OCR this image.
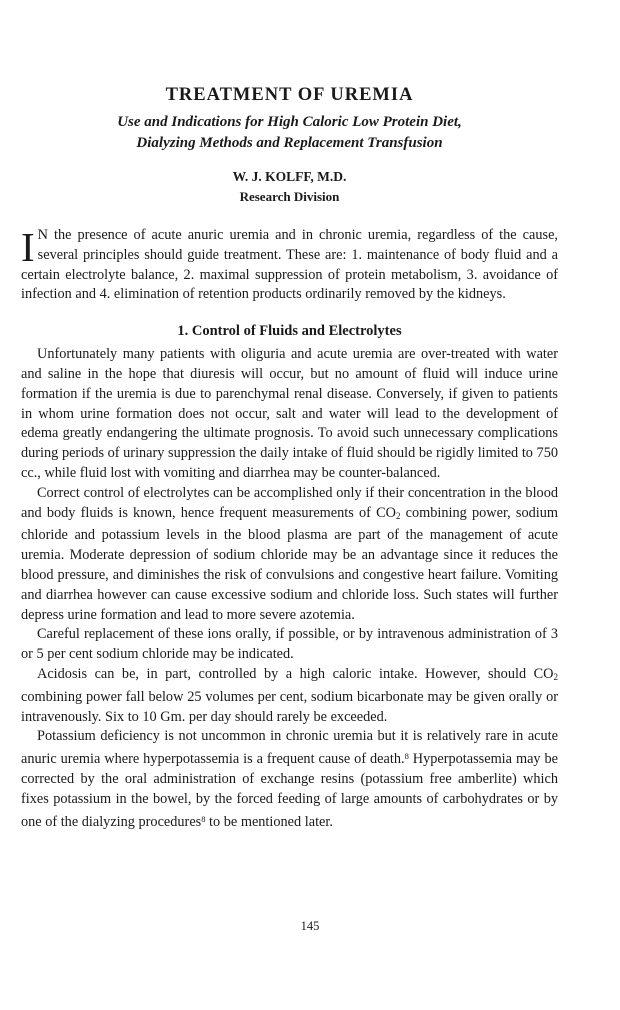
TREATMENT OF UREMIA
Use and Indications for High Caloric Low Protein Diet,
Dialyzing Methods and Replacement Transfusion
W. J. KOLFF, M.D.
Research Division

I N the presence of acute anuric uremia and in chronic uremia, regardless of the cause, several principles should guide treatment. These are: 1. maintenance of body fluid and a certain electrolyte balance, 2. maximal suppression of protein metabolism, 3. avoidance of infection and 4. elimination of retention products ordinarily removed by the kidneys.

1. Control of Fluids and Electrolytes

Unfortunately many patients with oliguria and acute uremia are over-treated with water and saline in the hope that diuresis will occur, but no amount of fluid will induce urine formation if the uremia is due to parenchymal renal disease. Conversely, if given to patients in whom urine formation does not occur, salt and water will lead to the development of edema greatly endangering the ultimate prognosis. To avoid such unnecessary complications during periods of urinary suppression the daily intake of fluid should be rigidly limited to 750 cc., while fluid lost with vomiting and diarrhea may be counter-balanced.

Correct control of electrolytes can be accomplished only if their concentration in the blood and body fluids is known, hence frequent measurements of $CO_2$ combining power, sodium chloride and potassium levels in the blood plasma are part of the management of acute uremia. Moderate depression of sodium chloride may be an advantage since it reduces the blood pressure, and diminishes the risk of convulsions and congestive heart failure. Vomiting and diarrhea however can cause excessive sodium and chloride loss. Such states will further depress urine formation and lead to more severe azotemia.

Careful replacement of these ions orally, if possible, or by intravenous administration of 3 or 5 per cent sodium chloride may be indicated.

Acidosis can be, in part, controlled by a high caloric intake. However, should $CO_2$ combining power fall below 25 volumes per cent, sodium bicarbonate may be given orally or intravenously. Six to 10 Gm. per day should rarely be exceeded.

Potassium deficiency is not uncommon in chronic uremia but it is relatively rare in acute anuric uremia where hyperpotassemia is a frequent cause of death.$^8$ Hyperpotassemia may be corrected by the oral administration of exchange resins (potassium free amberlite) which fixes potassium in the bowel, by the forced feeding of large amounts of carbohydrates or by one of the dialyzing procedures$^8$ to be mentioned later.

145
